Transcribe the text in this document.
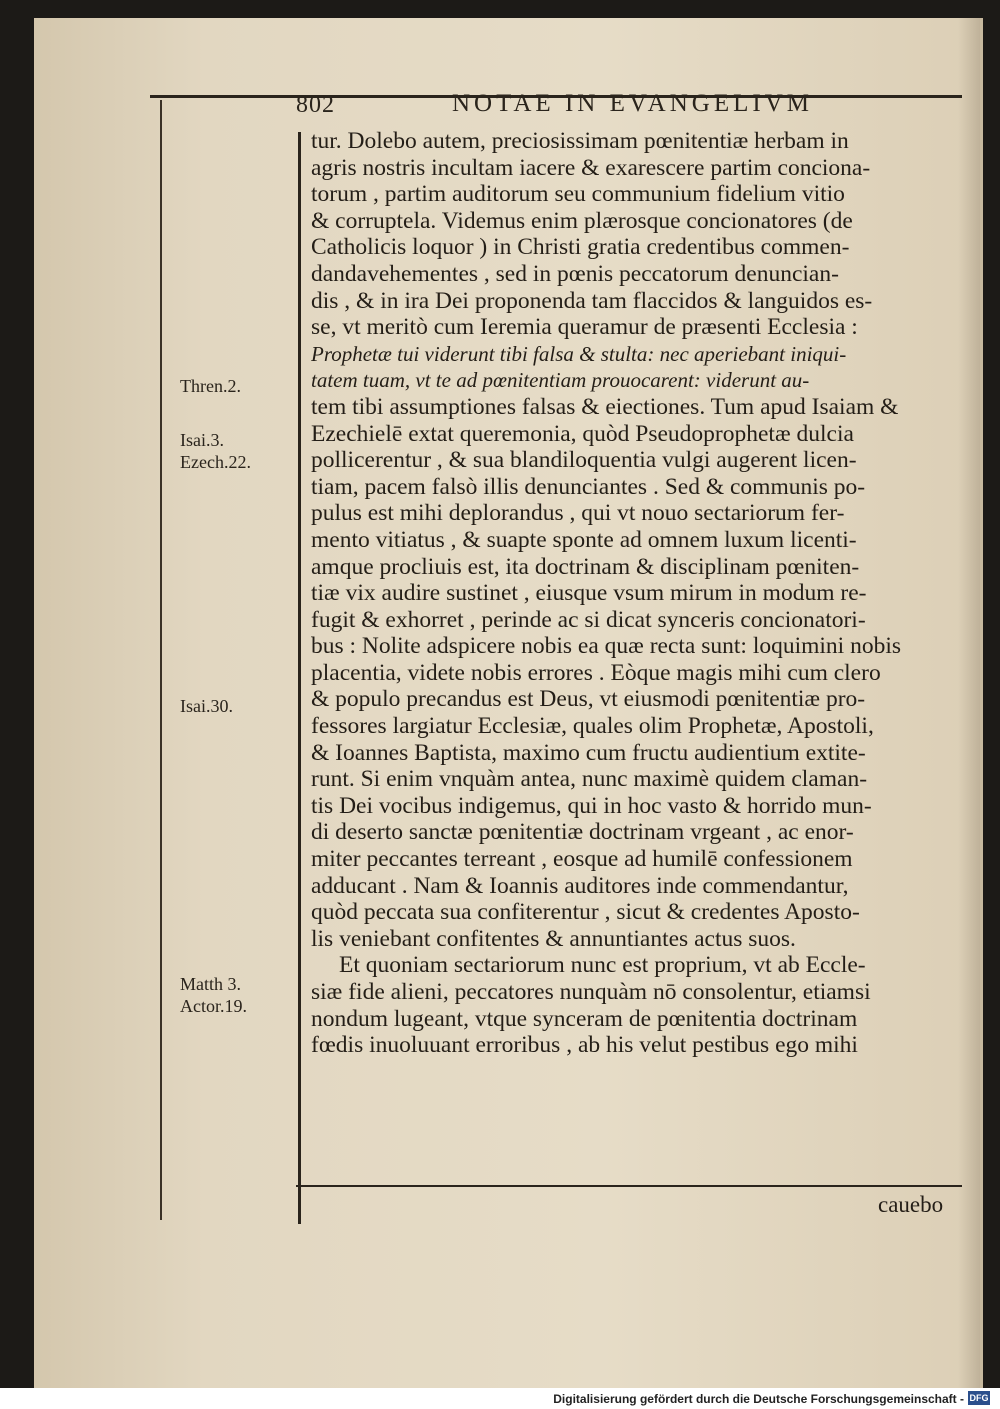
802	NOTAE IN EVANGELIVM
Thren.2.
Isai.3.
Ezech.22.
Isai.30.
Matth 3.
Actor.19.
tur. Dolebo autem, preciosissimam pœnitentiæ herbam in
agris nostris incultam iacere & exarescere partim conciona-
torum , partim auditorum seu communium fidelium vitio
& corruptela. Videmus enim plærosque concionatores (de
Catholicis loquor ) in Christi gratia credentibus commen-
dandavehementes , sed in pœnis peccatorum denuncian-
dis , & in ira Dei proponenda tam flaccidos & languidos es-
se, vt meritò cum Ieremia queramur de præsenti Ecclesia :
Prophetæ tui viderunt tibi falsa & stulta: nec aperiebant iniqui-
tatem tuam, vt te ad pœnitentiam prouocarent: viderunt au-
tem tibi assumptiones falsas & eiectiones. Tum apud Isaiam &
Ezechielē extat queremonia, quòd Pseudoprophetæ dulcia
pollicerentur , & sua blandiloquentia vulgi augerent licen-
tiam, pacem falsò illis denunciantes . Sed & communis po-
pulus est mihi deplorandus , qui vt nouo sectariorum fer-
mento vitiatus , & suapte sponte ad omnem luxum licenti-
amque procliuis est, ita doctrinam & disciplinam pœniten-
tiæ vix audire sustinet , eiusque vsum mirum in modum re-
fugit & exhorret , perinde ac si dicat synceris concionatori-
bus : Nolite adspicere nobis ea quæ recta sunt: loquimini nobis
placentia, videte nobis errores . Eòque magis mihi cum clero
& populo precandus est Deus, vt eiusmodi pœnitentiæ pro-
fessores largiatur Ecclesiæ, quales olim Prophetæ, Apostoli,
& Ioannes Baptista, maximo cum fructu audientium extite-
runt. Si enim vnquàm antea, nunc maximè quidem claman-
tis Dei vocibus indigemus, qui in hoc vasto & horrido mun-
di deserto sanctæ pœnitentiæ doctrinam vrgeant , ac enor-
miter peccantes terreant , eosque ad humilē confessionem
adducant . Nam & Ioannis auditores inde commendantur,
quòd peccata sua confiterentur , sicut & credentes Aposto-
lis veniebant confitentes & annuntiantes actus suos.
Et quoniam sectariorum nunc est proprium, vt ab Eccle-
siæ fide alieni, peccatores nunquàm nō consolentur, etiamsi
nondum lugeant, vtque synceram de pœnitentia doctrinam
fœdis inuoluuant erroribus , ab his velut pestibus ego mihi
cauebo
Digitalisierung gefördert durch die Deutsche Forschungsgemeinschaft - DFG
